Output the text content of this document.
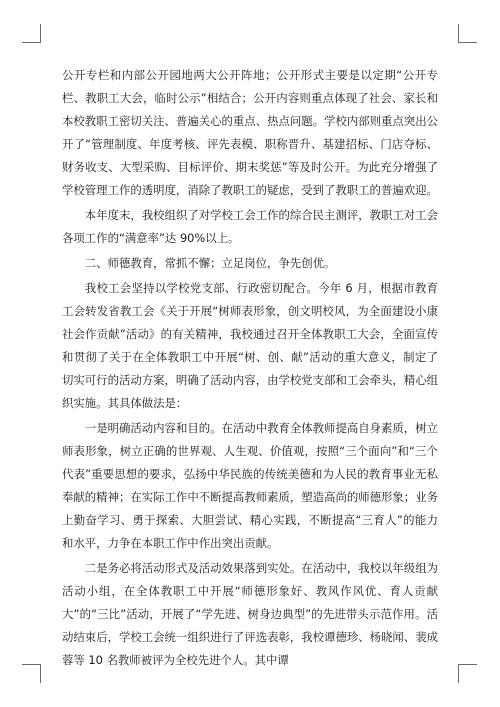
公开专栏和内部公开园地两大公开阵地；公开形式主要是以定期“公开专栏、教职工大会，临时公示”相结合；公开内容则重点体现了社会、家长和本校教职工密切关注、普遍关心的重点、热点问题。学校内部则重点突出公开了“管理制度、年度考核、评先表模、职称晋升、基建招标、门店夺标、财务收支、大型采购、目标评价、期末奖惩”等及时公开。为此充分增强了学校管理工作的透明度，消除了教职工的疑虑，受到了教职工的普遍欢迎。

本年度末，我校组织了对学校工会工作的综合民主测评，教职工对工会各项工作的“满意率”达 90%以上。

二、师德教育，常抓不懈；立足岗位，争先创优。

我校工会坚持以学校党支部、行政密切配合。今年 6 月，根据市教育工会转发省教工会《关于开展“树师表形象，创文明校风，为全面建设小康社会作贡献”活动》的有关精神，我校通过召开全体教职工大会，全面宣传和贯彻了关于在全体教职工中开展“树、创、献”活动的重大意义，制定了切实可行的活动方案，明确了活动内容，由学校党支部和工会牵头，精心组织实施。其具体做法是：

一是明确活动内容和目的。在活动中教育全体教师提高自身素质，树立师表形象，树立正确的世界观、人生观、价值观，按照“三个面向”和“三个代表”重要思想的要求，弘扬中华民族的传统美德和为人民的教育事业无私奉献的精神；在实际工作中不断提高教师素质，塑造高尚的师德形象；业务上勤奋学习、勇于探索、大胆尝试、精心实践，不断提高“三育人”的能力和水平，力争在本职工作中作出突出贡献。

二是务必将活动形式及活动效果落到实处。在活动中，我校以年级组为活动小组，在全体教职工中开展“师德形象好、教风作风优、育人贡献大”的“三比”活动，开展了“学先进、树身边典型”的先进带头示范作用。活动结束后，学校工会统一组织进行了评选表彰，我校谭德珍、杨晓闻、裴成蓉等 10 名教师被评为全校先进个人。其中谭
